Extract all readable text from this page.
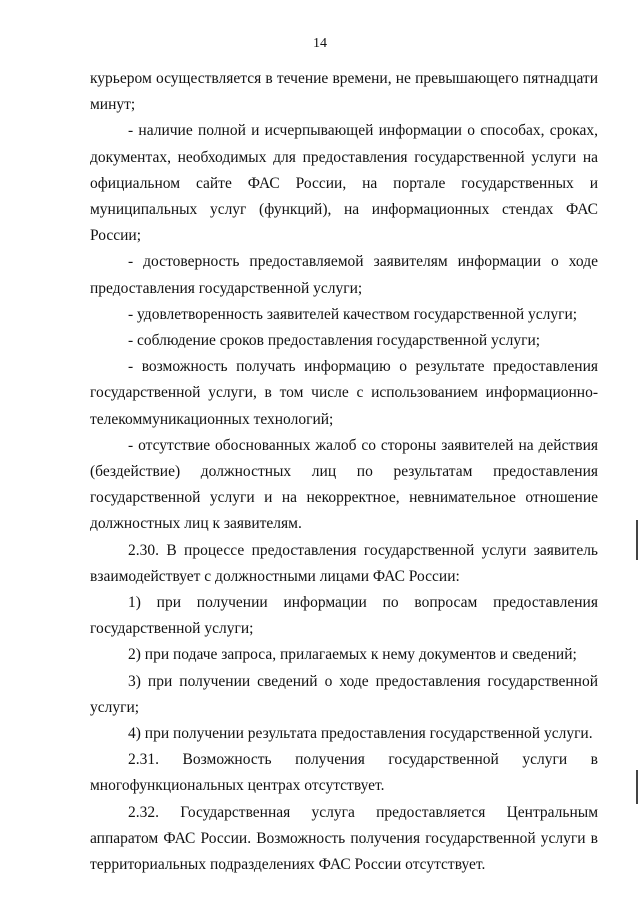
14

курьером осуществляется в течение времени, не превышающего пятнадцати минут;

- наличие полной и исчерпывающей информации о способах, сроках, документах, необходимых для предоставления государственной услуги на официальном сайте ФАС России, на портале государственных и муниципальных услуг (функций), на информационных стендах ФАС России;

- достоверность предоставляемой заявителям информации о ходе предоставления государственной услуги;

- удовлетворенность заявителей качеством государственной услуги;

- соблюдение сроков предоставления государственной услуги;

- возможность получать информацию о результате предоставления государственной услуги, в том числе с использованием информационно-телекоммуникационных технологий;

- отсутствие обоснованных жалоб со стороны заявителей на действия (бездействие) должностных лиц по результатам предоставления государственной услуги и на некорректное, невнимательное отношение должностных лиц к заявителям.

2.30. В процессе предоставления государственной услуги заявитель взаимодействует с должностными лицами ФАС России:

1) при получении информации по вопросам предоставления государственной услуги;

2) при подаче запроса, прилагаемых к нему документов и сведений;

3) при получении сведений о ходе предоставления государственной услуги;

4) при получении результата предоставления государственной услуги.

2.31. Возможность получения государственной услуги в многофункциональных центрах отсутствует.

2.32. Государственная услуга предоставляется Центральным аппаратом ФАС России. Возможность получения государственной услуги в территориальных подразделениях ФАС России отсутствует.
